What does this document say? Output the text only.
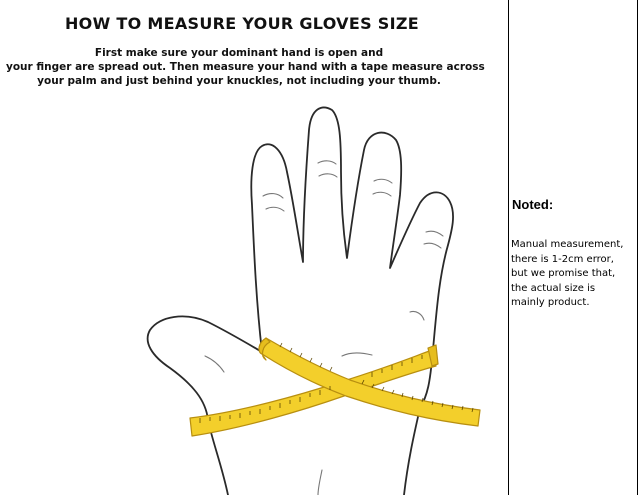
HOW TO MEASURE YOUR GLOVES SIZE
First make sure your dominant hand is open and
your finger are spread out. Then measure your hand with a tape measure across
your palm and just behind your knuckles, not including your thumb.
Noted:
Manual measurement,
there is 1-2cm error,
but we promise that,
the actual size is
mainly product.
